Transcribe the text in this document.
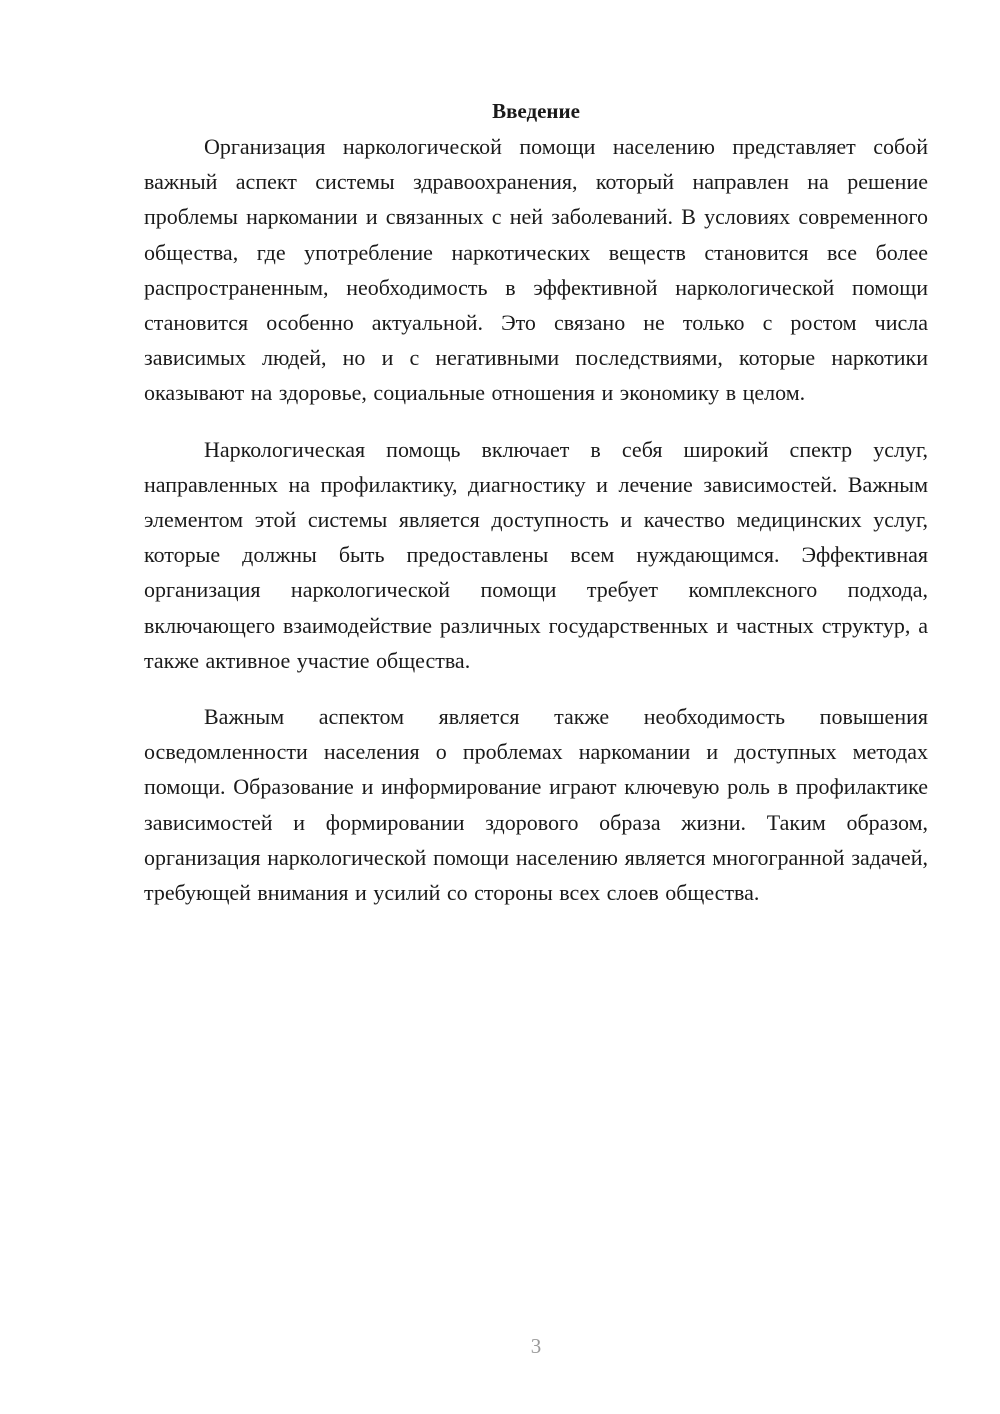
Введение

Организация наркологической помощи населению представляет собой важный аспект системы здравоохранения, который направлен на решение проблемы наркомании и связанных с ней заболеваний. В условиях современного общества, где употребление наркотических веществ становится все более распространенным, необходимость в эффективной наркологической помощи становится особенно актуальной. Это связано не только с ростом числа зависимых людей, но и с негативными последствиями, которые наркотики оказывают на здоровье, социальные отношения и экономику в целом.

Наркологическая помощь включает в себя широкий спектр услуг, направленных на профилактику, диагностику и лечение зависимостей. Важным элементом этой системы является доступность и качество медицинских услуг, которые должны быть предоставлены всем нуждающимся. Эффективная организация наркологической помощи требует комплексного подхода, включающего взаимодействие различных государственных и частных структур, а также активное участие общества.

Важным аспектом является также необходимость повышения осведомленности населения о проблемах наркомании и доступных методах помощи. Образование и информирование играют ключевую роль в профилактике зависимостей и формировании здорового образа жизни. Таким образом, организация наркологической помощи населению является многогранной задачей, требующей внимания и усилий со стороны всех слоев общества.

3
